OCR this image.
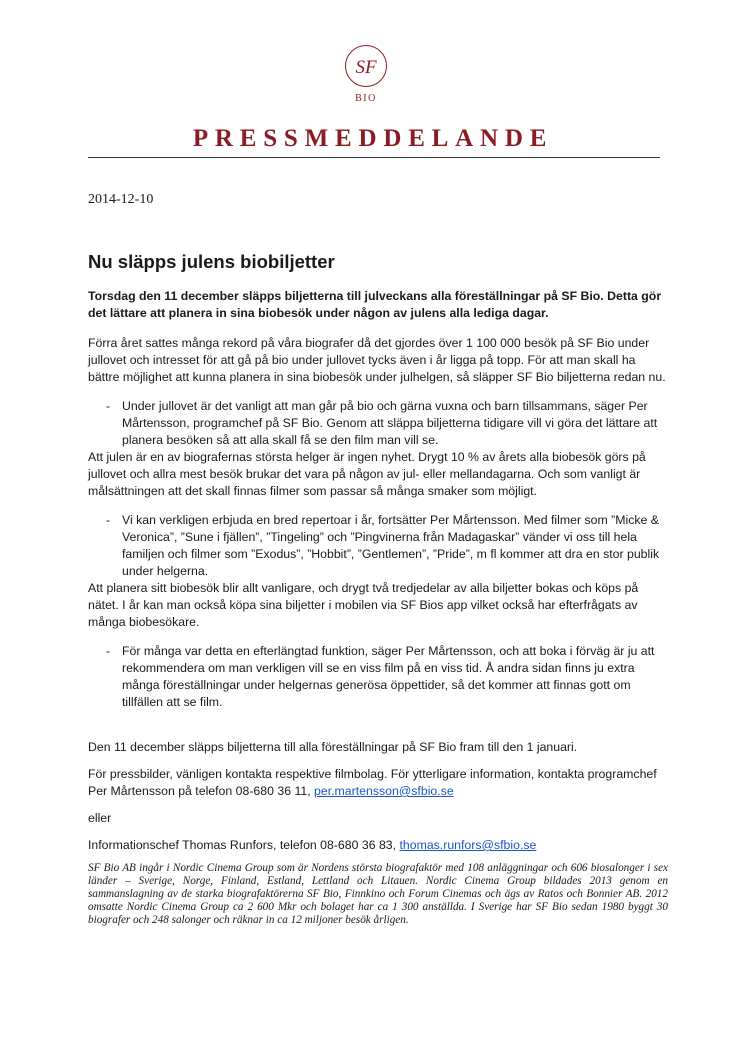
SF
BIO
PRESSMEDDELANDE
2014-12-10
Nu släpps julens biobiljetter

Torsdag den 11 december släpps biljetterna till julveckans alla föreställningar på SF Bio. Detta gör det lättare att planera in sina biobesök under någon av julens alla lediga dagar.

Förra året sattes många rekord på våra biografer då det gjordes över 1 100 000 besök på SF Bio under jullovet och intresset för att gå på bio under jullovet tycks även i år ligga på topp. För att man skall ha bättre möjlighet att kunna planera in sina biobesök under julhelgen, så släpper SF Bio biljetterna redan nu.

- Under jullovet är det vanligt att man går på bio och gärna vuxna och barn tillsammans, säger Per Mårtensson, programchef på SF Bio. Genom att släppa biljetterna tidigare vill vi göra det lättare att planera besöken så att alla skall få se den film man vill se.

Att julen är en av biografernas största helger är ingen nyhet. Drygt 10 % av årets alla biobesök görs på jullovet och allra mest besök brukar det vara på någon av jul- eller mellandagarna. Och som vanligt är målsättningen att det skall finnas filmer som passar så många smaker som möjligt.

- Vi kan verkligen erbjuda en bred repertoar i år, fortsätter Per Mårtensson. Med filmer som ”Micke & Veronica”, ”Sune i fjällen”, ”Tingeling” och ”Pingvinerna från Madagaskar” vänder vi oss till hela familjen och filmer som ”Exodus”, ”Hobbit”, ”Gentlemen”, ”Pride”, m fl kommer att dra en stor publik under helgerna.

Att planera sitt biobesök blir allt vanligare, och drygt två tredjedelar av alla biljetter bokas och köps på nätet. I år kan man också köpa sina biljetter i mobilen via SF Bios app vilket också har efterfrågats av många biobesökare.

- För många var detta en efterlängtad funktion, säger Per Mårtensson, och att boka i förväg är ju att rekommendera om man verkligen vill se en viss film på en viss tid. Å andra sidan finns ju extra många föreställningar under helgernas generösa öppettider, så det kommer att finnas gott om tillfällen att se film.

Den 11 december släpps biljetterna till alla föreställningar på SF Bio fram till den 1 januari.

För pressbilder, vänligen kontakta respektive filmbolag. För ytterligare information, kontakta programchef Per Mårtensson på telefon 08-680 36 11, per.martensson@sfbio.se

eller

Informationschef Thomas Runfors, telefon 08-680 36 83, thomas.runfors@sfbio.se

SF Bio AB ingår i Nordic Cinema Group som är Nordens största biografaktör med 108 anläggningar och 606 biosalonger i sex länder – Sverige, Norge, Finland, Estland, Lettland och Litauen. Nordic Cinema Group bildades 2013 genom en sammanslagning av de starka biografaktörerna SF Bio, Finnkino och Forum Cinemas och ägs av Ratos och Bonnier AB. 2012 omsatte Nordic Cinema Group ca 2 600 Mkr och bolaget har ca 1 300 anställda. I Sverige har SF Bio sedan 1980 byggt 30 biografer och 248 salonger och räknar in ca 12 miljoner besök årligen.
